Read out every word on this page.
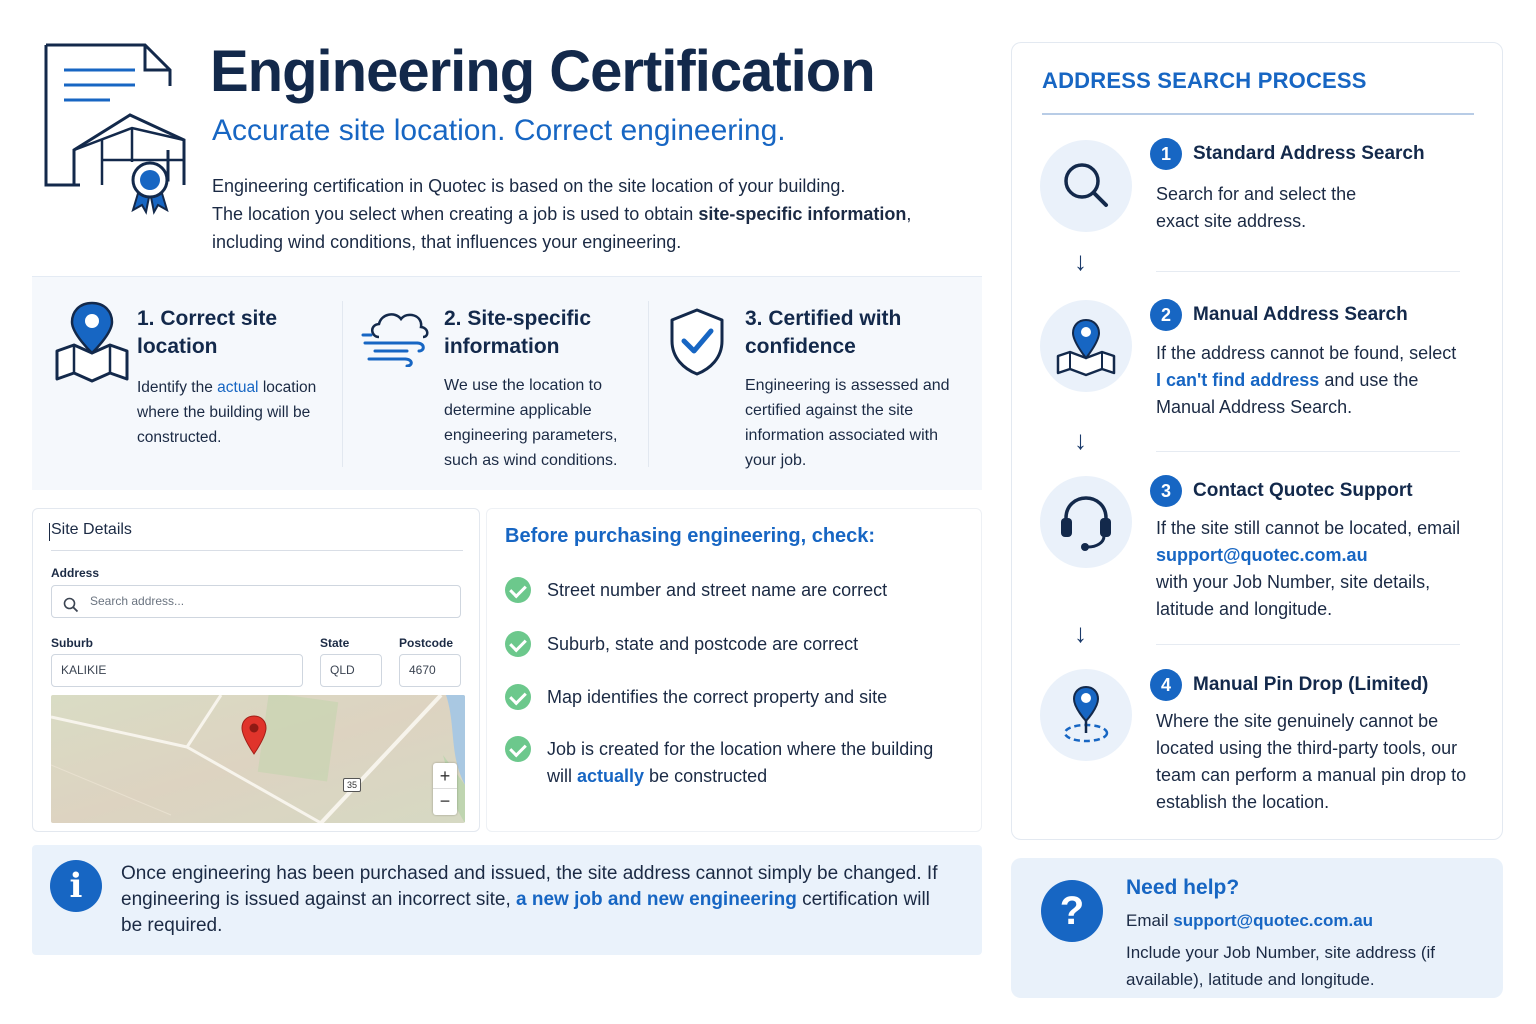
Engineering Certification
Accurate site location. Correct engineering.

Engineering certification in Quotec is based on the site location of your building.

The location you select when creating a job is used to obtain site-specific information,

including wind conditions, that influences your engineering.

1. Correct site
location
Identify the actual location where the building will be constructed.
2. Site-specific
information
We use the location to determine applicable engineering parameters, such as wind conditions.
3. Certified with
confidence
Engineering is assessed and certified against the site information associated with your job.
Site Details
Address
Search address...
Suburb	State	Postcode
KALIKIE	QLD	4670
35	+
−
Before purchasing engineering, check:
Street number and street name are correct
Suburb, state and postcode are correct
Map identifies the correct property and site
Job is created for the location where the building will actually be constructed
i	Once engineering has been purchased and issued, the site address cannot simply be changed. If engineering is issued against an incorrect site, a new job and new engineering certification will be required.
ADDRESS SEARCH PROCESS
1	Standard Address Search
Search for and select the exact site address.
↓
2	Manual Address Search
If the address cannot be found, select I can't find address and use the Manual Address Search.
↓
3	Contact Quotec Support
If the site still cannot be located, email support@quotec.com.au
with your Job Number, site details, latitude and longitude.
↓
4	Manual Pin Drop (Limited)
Where the site genuinely cannot be located using the third-party tools, our team can perform a manual pin drop to establish the location.
?
Need help?
Email support@quotec.com.au
Include your Job Number, site address (if available), latitude and longitude.
